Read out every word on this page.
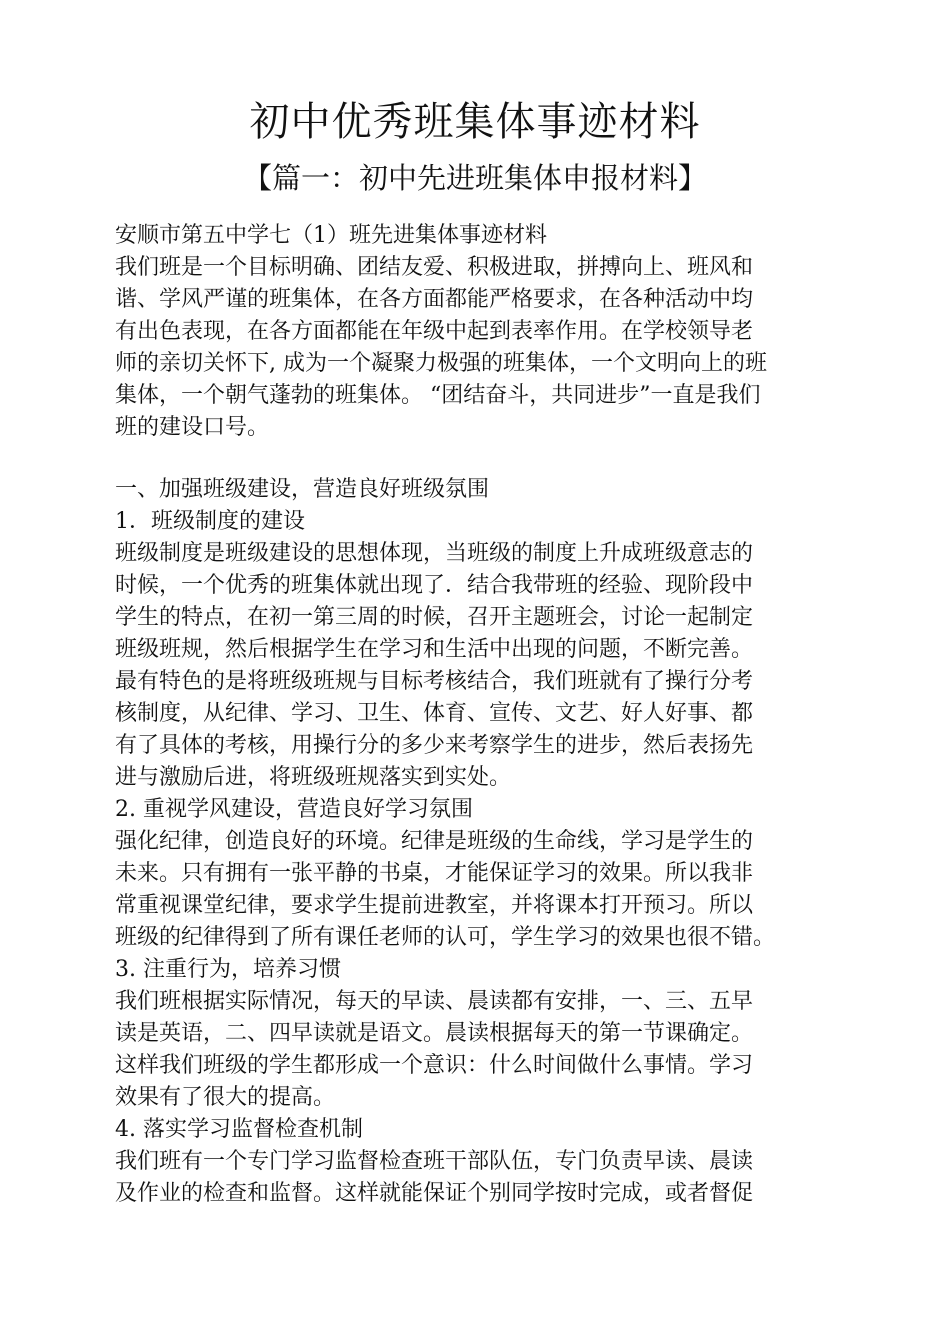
初中优秀班集体事迹材料
【篇一：初中先进班集体申报材料】
安顺市第五中学七（1）班先进集体事迹材料
我们班是一个目标明确、团结友爱、积极进取，拼搏向上、班风和
谐、学风严谨的班集体，在各方面都能严格要求，在各种活动中均
有出色表现，在各方面都能在年级中起到表率作用。在学校领导老
师的亲切关怀下, 成为一个凝聚力极强的班集体，一个文明向上的班
集体，一个朝气蓬勃的班集体。 “团结奋斗，共同进步”一直是我们
班的建设口号。
一、加强班级建设，营造良好班级氛围
1．班级制度的建设
班级制度是班级建设的思想体现，当班级的制度上升成班级意志的
时候，一个优秀的班集体就出现了．结合我带班的经验、现阶段中
学生的特点，在初一第三周的时候，召开主题班会，讨论一起制定
班级班规，然后根据学生在学习和生活中出现的问题，不断完善。
最有特色的是将班级班规与目标考核结合，我们班就有了操行分考
核制度，从纪律、学习、卫生、体育、宣传、文艺、好人好事、都
有了具体的考核，用操行分的多少来考察学生的进步，然后表扬先
进与激励后进，将班级班规落实到实处。
2. 重视学风建设，营造良好学习氛围
强化纪律，创造良好的环境。纪律是班级的生命线，学习是学生的
未来。只有拥有一张平静的书桌，才能保证学习的效果。所以我非
常重视课堂纪律，要求学生提前进教室，并将课本打开预习。所以
班级的纪律得到了所有课任老师的认可，学生学习的效果也很不错。
3. 注重行为，培养习惯
我们班根据实际情况，每天的早读、晨读都有安排，一、三、五早
读是英语，二、四早读就是语文。晨读根据每天的第一节课确定。
这样我们班级的学生都形成一个意识：什么时间做什么事情。学习
效果有了很大的提高。
4. 落实学习监督检查机制
我们班有一个专门学习监督检查班干部队伍，专门负责早读、晨读
及作业的检查和监督。这样就能保证个别同学按时完成，或者督促
